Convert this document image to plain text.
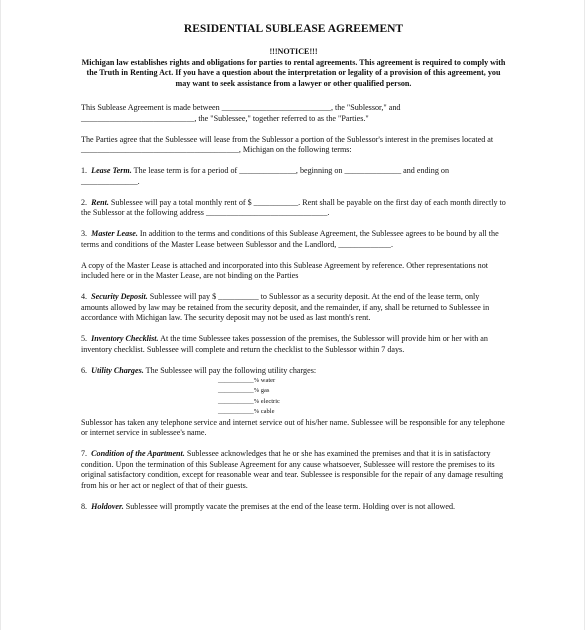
RESIDENTIAL SUBLEASE AGREEMENT
!!!NOTICE!!!
Michigan law establishes rights and obligations for parties to rental agreements. This agreement is required to comply with the Truth in Renting Act. If you have a question about the interpretation or legality of a provision of this agreement, you may want to seek assistance from a lawyer or other qualified person.
This Sublease Agreement is made between ___________________________, the "Sublessor," and ____________________________, the "Sublessee," together referred to as the "Parties."
The Parties agree that the Sublessee will lease from the Sublessor a portion of the Sublessor's interest in the premises located at _______________________________________, Michigan on the following terms:
1. Lease Term. The lease term is for a period of ______________, beginning on ______________ and ending on ______________.
2. Rent. Sublessee will pay a total monthly rent of $ ___________. Rent shall be payable on the first day of each month directly to the Sublessor at the following address ______________________________.
3. Master Lease. In addition to the terms and conditions of this Sublease Agreement, the Sublessee agrees to be bound by all the terms and conditions of the Master Lease between Sublessor and the Landlord, _____________.
A copy of the Master Lease is attached and incorporated into this Sublease Agreement by reference. Other representations not included here or in the Master Lease, are not binding on the Parties
4. Security Deposit. Sublessee will pay $ __________ to Sublessor as a security deposit. At the end of the lease term, only amounts allowed by law may be retained from the security deposit, and the remainder, if any, shall be returned to Sublessee in accordance with Michigan law. The security deposit may not be used as last month's rent.
5. Inventory Checklist. At the time Sublessee takes possession of the premises, the Sublessor will provide him or her with an inventory checklist. Sublessee will complete and return the checklist to the Sublessor within 7 days.
6. Utility Charges. The Sublessee will pay the following utility charges:
___________% water
___________% gas
___________% electric
___________% cable
Sublessor has taken any telephone service and internet service out of his/her name. Sublessee will be responsible for any telephone or internet service in sublessee's name.
7. Condition of the Apartment. Sublessee acknowledges that he or she has examined the premises and that it is in satisfactory condition. Upon the termination of this Sublease Agreement for any cause whatsoever, Sublessee will restore the premises to its original satisfactory condition, except for reasonable wear and tear. Sublessee is responsible for the repair of any damage resulting from his or her act or neglect of that of their guests.
8. Holdover. Sublessee will promptly vacate the premises at the end of the lease term. Holding over is not allowed.
